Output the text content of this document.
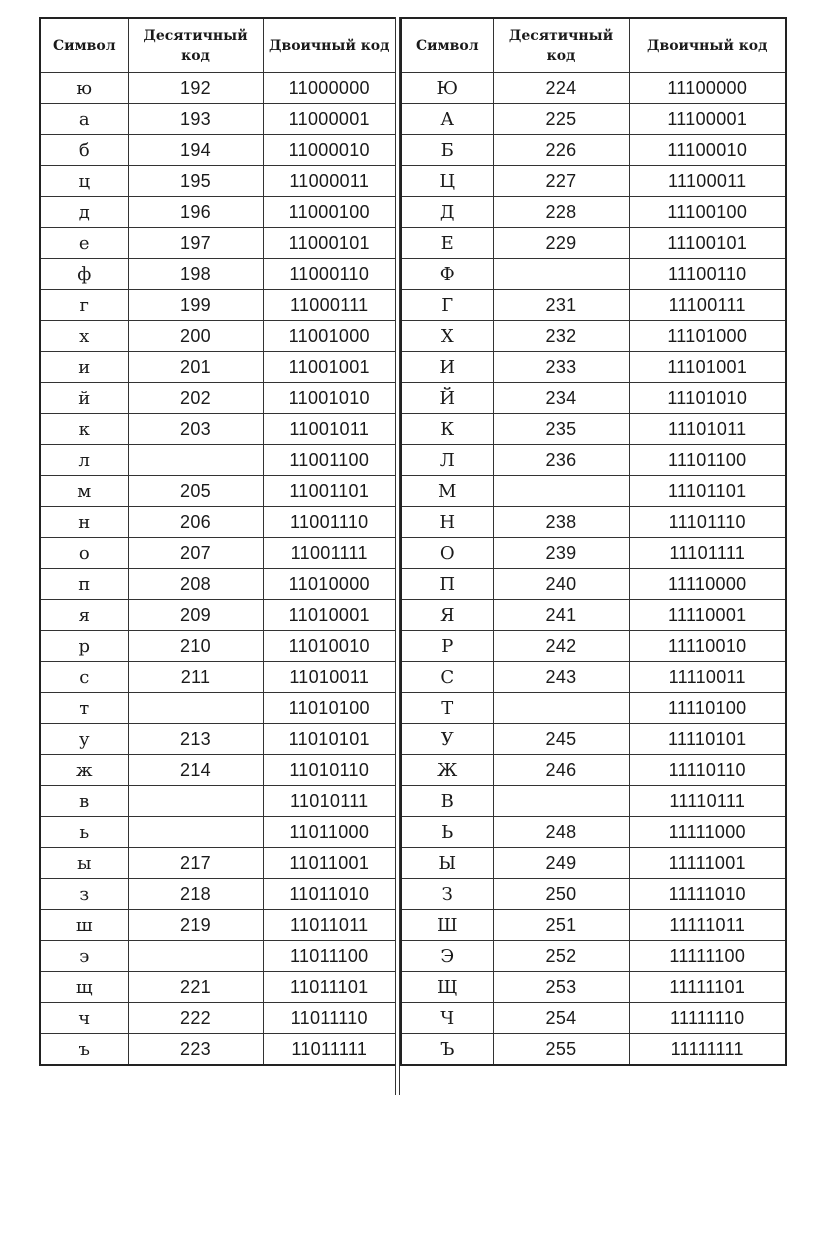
Символ	Десятичный код	Двоичный код
ю	192	11000000
а	193	11000001
б	194	11000010
ц	195	11000011
д	196	11000100
е	197	11000101
ф	198	11000110
г	199	11000111
х	200	11001000
и	201	11001001
й	202	11001010
к	203	11001011
л		11001100
м	205	11001101
н	206	11001110
о	207	11001111
п	208	11010000
я	209	11010001
р	210	11010010
с	211	11010011
т		11010100
у	213	11010101
ж	214	11010110
в		11010111
ь		11011000
ы	217	11011001
з	218	11011010
ш	219	11011011
э		11011100
щ	221	11011101
ч	222	11011110
ъ	223	11011111
Символ	Десятичный код	Двоичный код
Ю	224	11100000
А	225	11100001
Б	226	11100010
Ц	227	11100011
Д	228	11100100
Е	229	11100101
Ф		11100110
Г	231	11100111
Х	232	11101000
И	233	11101001
Й	234	11101010
К	235	11101011
Л	236	11101100
М		11101101
Н	238	11101110
О	239	11101111
П	240	11110000
Я	241	11110001
Р	242	11110010
С	243	11110011
Т		11110100
У	245	11110101
Ж	246	11110110
В		11110111
Ь	248	11111000
Ы	249	11111001
З	250	11111010
Ш	251	11111011
Э	252	11111100
Щ	253	11111101
Ч	254	11111110
Ъ	255	11111111
